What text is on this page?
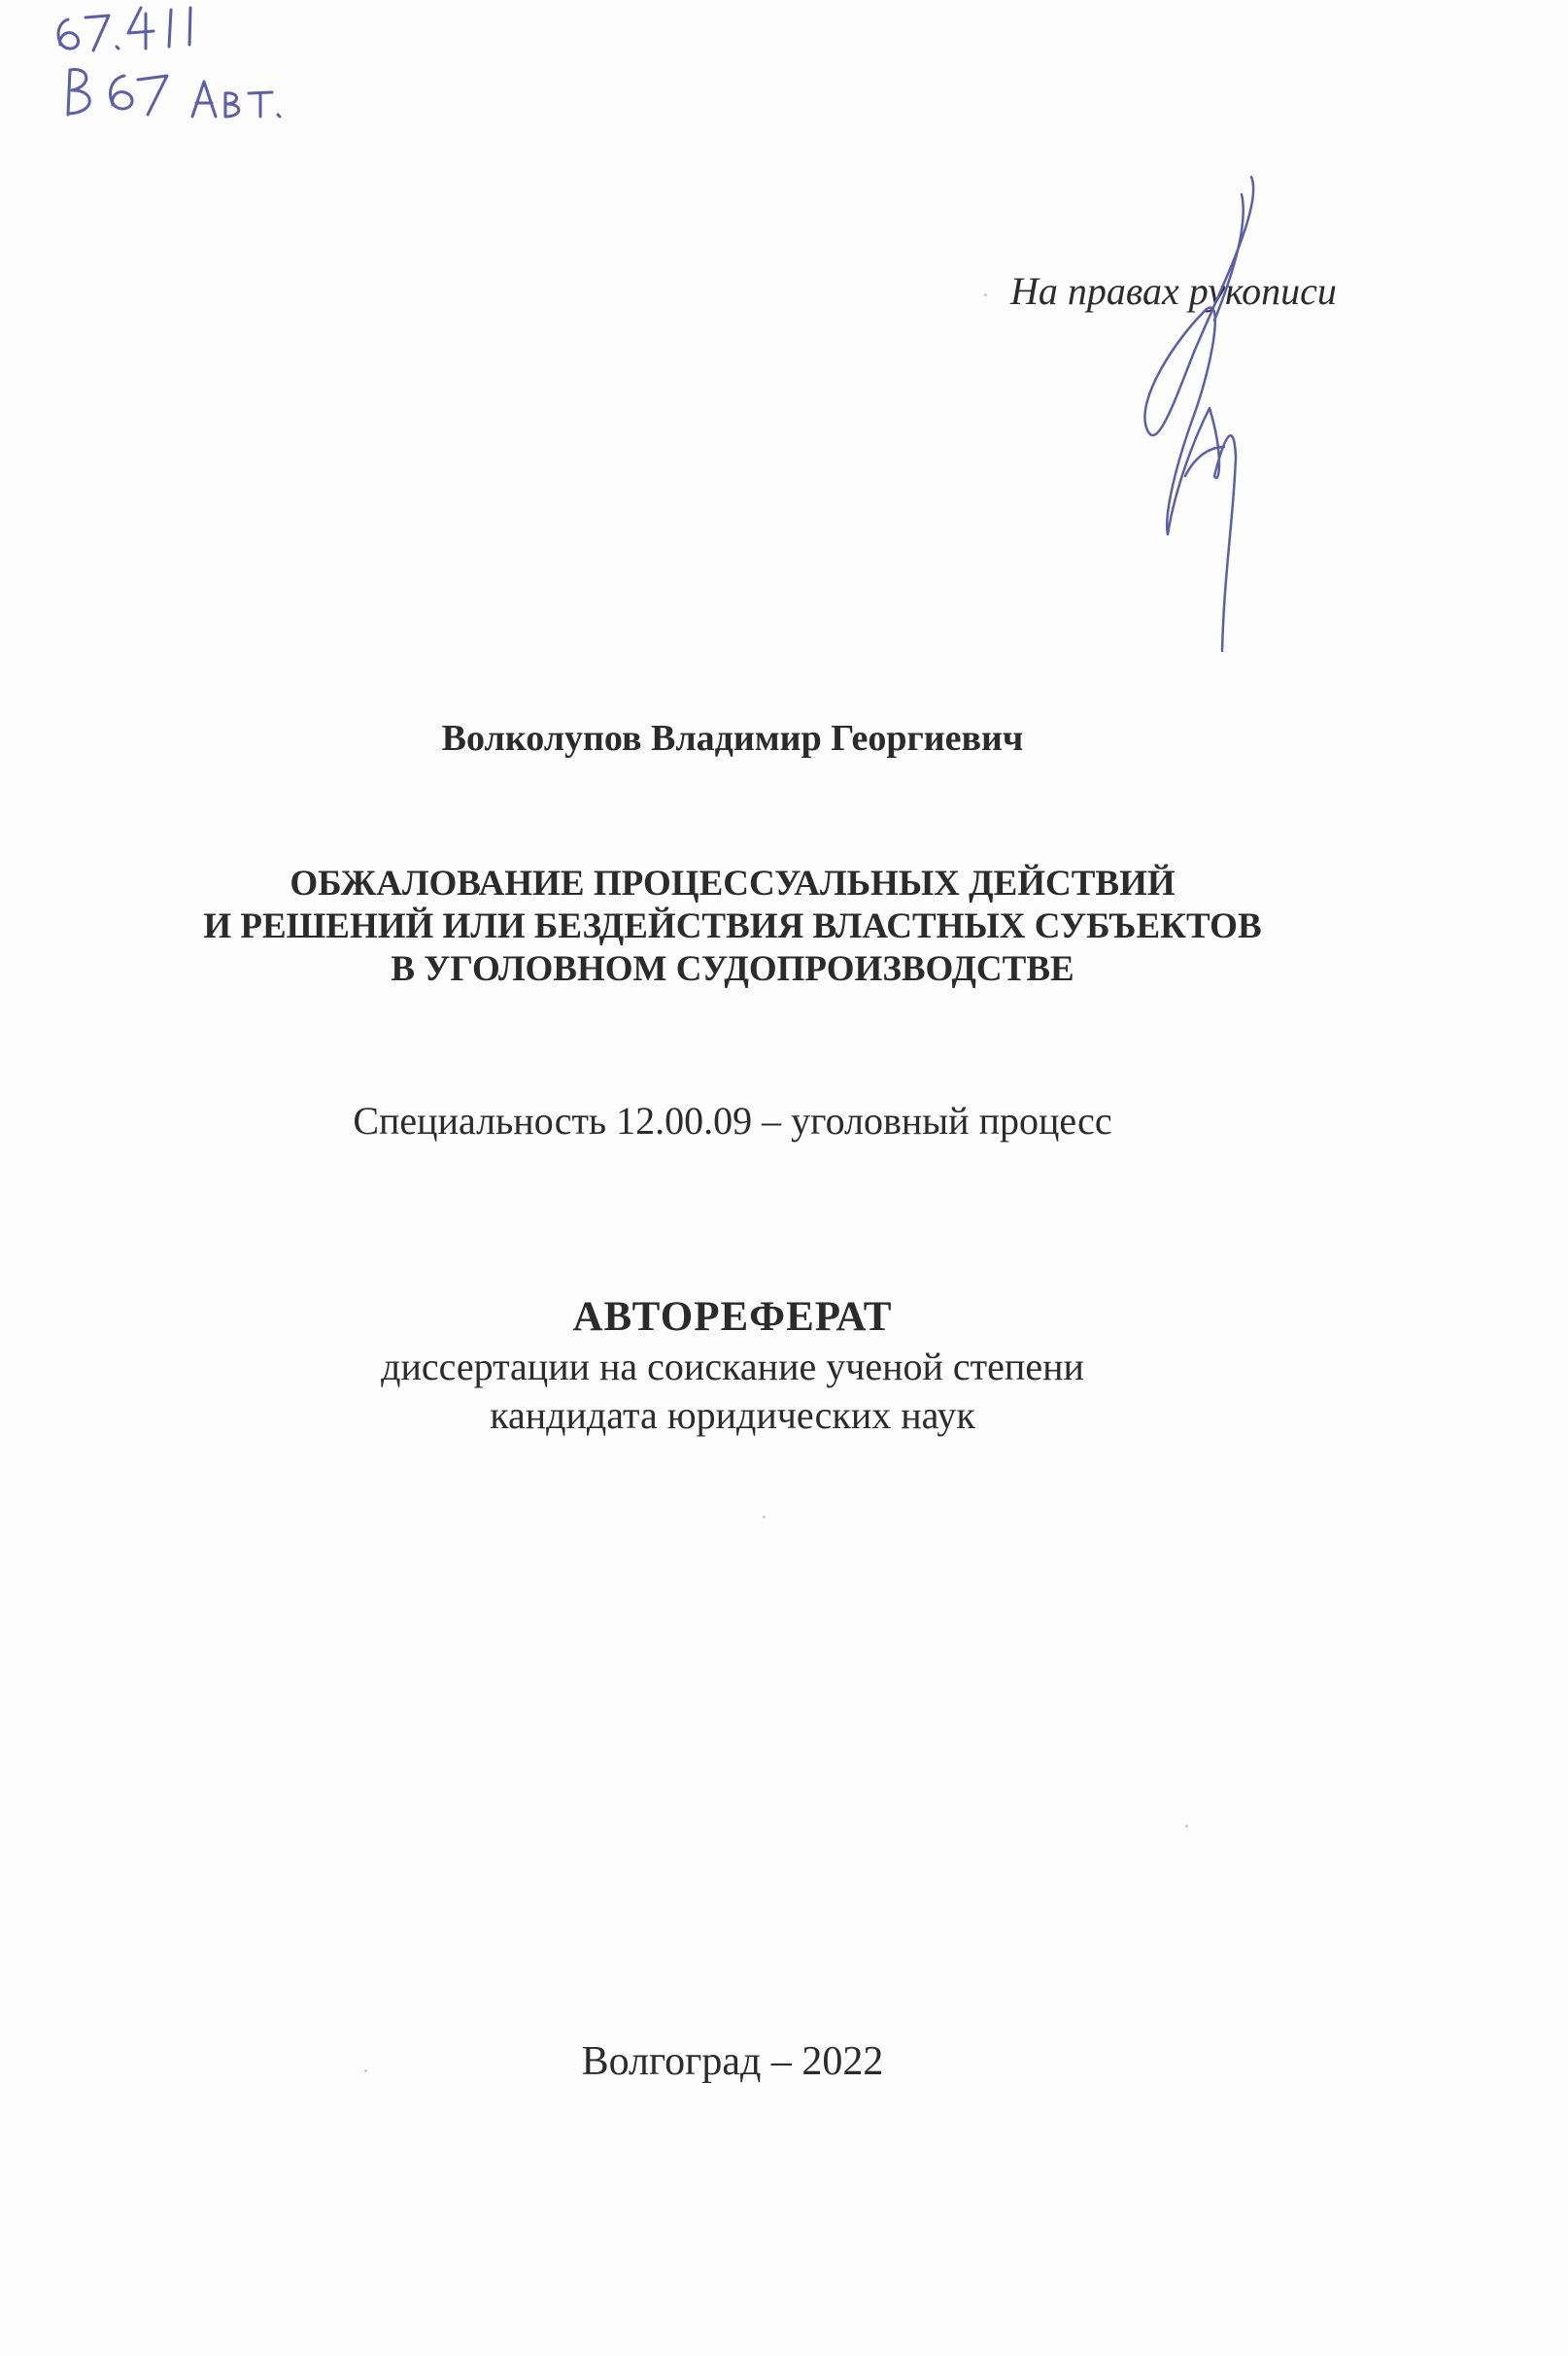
На правах рукописи
Волколупов Владимир Георгиевич
ОБЖАЛОВАНИЕ ПРОЦЕССУАЛЬНЫХ ДЕЙСТВИЙ
И РЕШЕНИЙ ИЛИ БЕЗДЕЙСТВИЯ ВЛАСТНЫХ СУБЪЕКТОВ
В УГОЛОВНОМ СУДОПРОИЗВОДСТВЕ
Специальность 12.00.09 – уголовный процесс
АВТОРЕФЕРАТ
диссертации на соискание ученой степени
кандидата юридических наук
Волгоград – 2022
